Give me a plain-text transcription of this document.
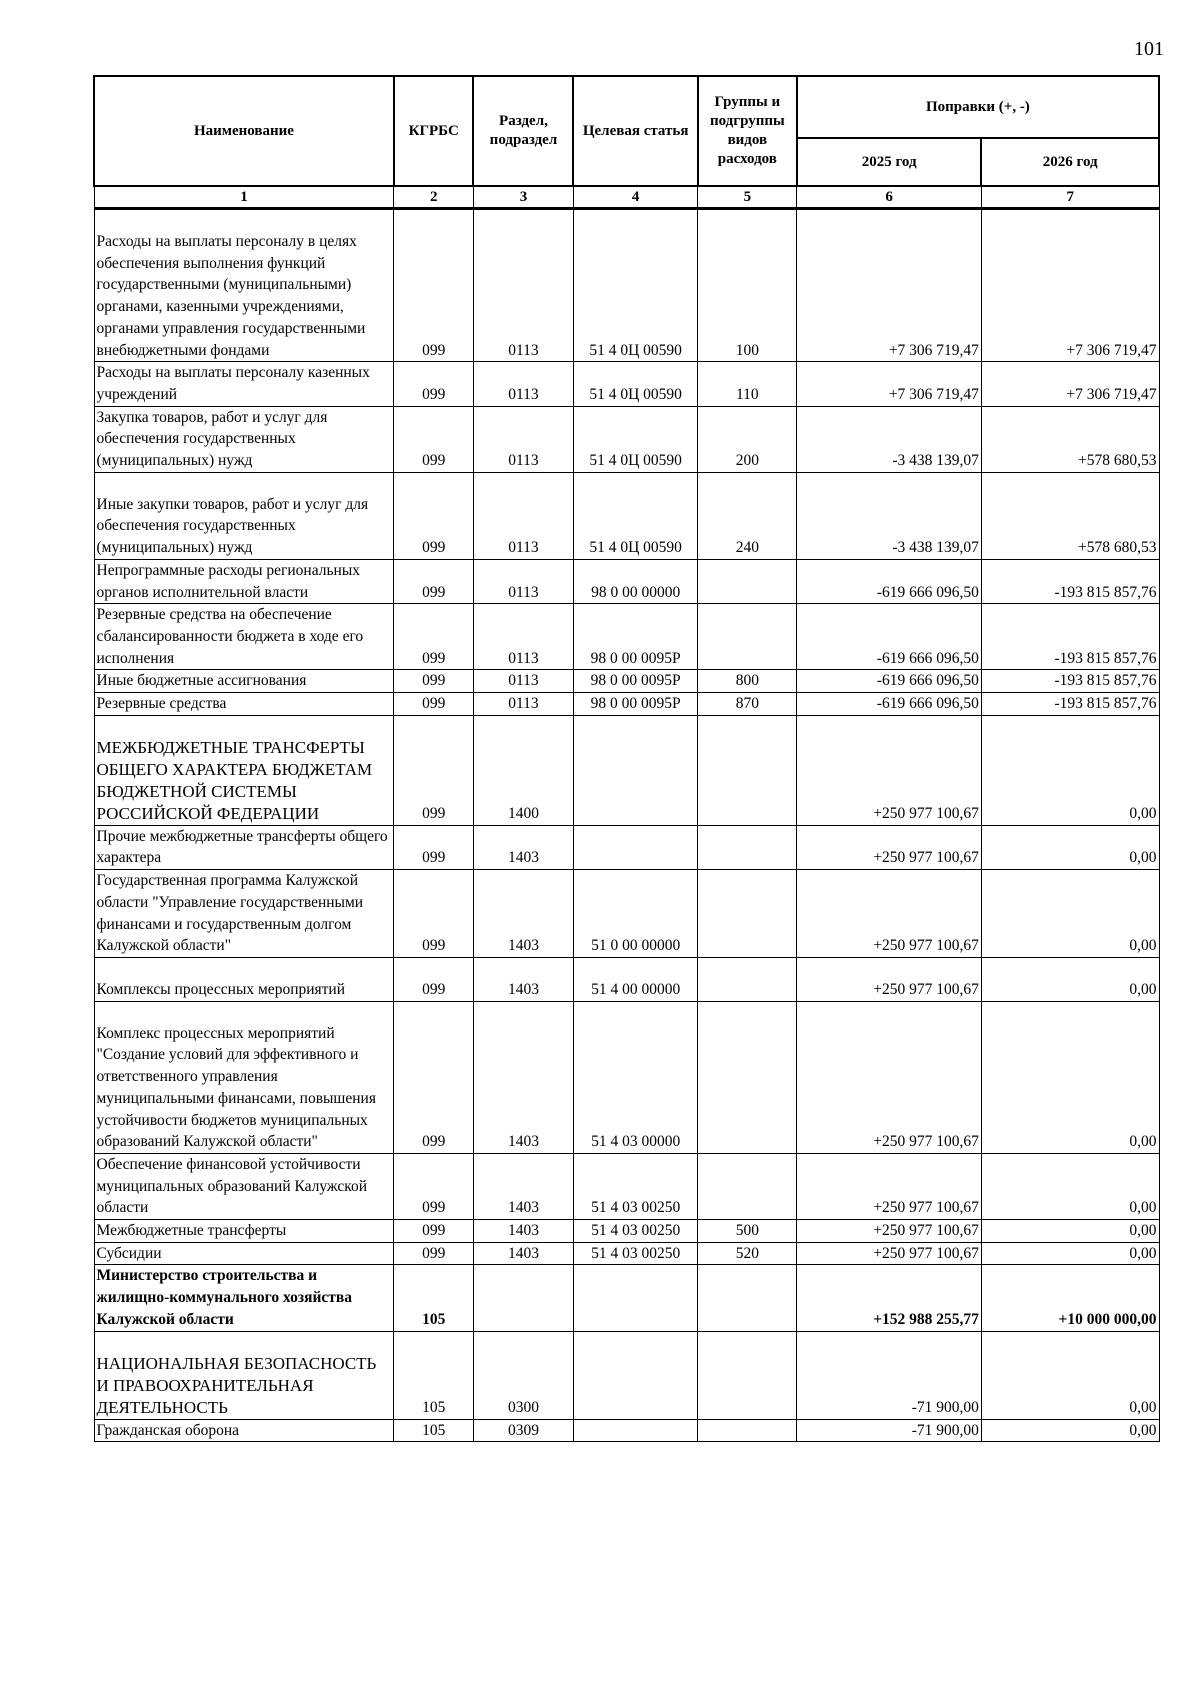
101
Наименование	КГРБС	Раздел, подраздел	Целевая статья	Группы и подгруппы видов расходов	Поправки (+, -)	
					2025 год	2026 год
1	2	3	4	5	6	7

Расходы на выплаты персоналу в целях обеспечения выполнения функций государственными (муниципальными) органами, казенными учреждениями, органами управления государственными внебюджетными фондами	099	0113	51 4 0Ц 00590	100	+7 306 719,47	+7 306 719,47
Расходы на выплаты персоналу казенных учреждений	099	0113	51 4 0Ц 00590	110	+7 306 719,47	+7 306 719,47
Закупка товаров, работ и услуг для обеспечения государственных (муниципальных) нужд	099	0113	51 4 0Ц 00590	200	-3 438 139,07	+578 680,53

Иные закупки товаров, работ и услуг для обеспечения государственных (муниципальных) нужд	099	0113	51 4 0Ц 00590	240	-3 438 139,07	+578 680,53
Непрограммные расходы региональных органов исполнительной власти	099	0113	98 0 00 00000		-619 666 096,50	-193 815 857,76
Резервные средства на обеспечение сбалансированности бюджета в ходе его исполнения	099	0113	98 0 00 0095Р		-619 666 096,50	-193 815 857,76
Иные бюджетные ассигнования	099	0113	98 0 00 0095Р	800	-619 666 096,50	-193 815 857,76
Резервные средства	099	0113	98 0 00 0095Р	870	-619 666 096,50	-193 815 857,76

МЕЖБЮДЖЕТНЫЕ ТРАНСФЕРТЫ ОБЩЕГО ХАРАКТЕРА БЮДЖЕТАМ БЮДЖЕТНОЙ СИСТЕМЫ РОССИЙСКОЙ ФЕДЕРАЦИИ	099	1400			+250 977 100,67	0,00
Прочие межбюджетные трансферты общего характера	099	1403			+250 977 100,67	0,00
Государственная программа Калужской области "Управление государственными финансами и государственным долгом Калужской области"	099	1403	51 0 00 00000		+250 977 100,67	0,00

Комплексы процессных мероприятий	099	1403	51 4 00 00000		+250 977 100,67	0,00

Комплекс процессных мероприятий "Создание условий для эффективного и ответственного управления муниципальными финансами, повышения устойчивости бюджетов муниципальных образований Калужской области"	099	1403	51 4 03 00000		+250 977 100,67	0,00
Обеспечение финансовой устойчивости муниципальных образований Калужской области	099	1403	51 4 03 00250		+250 977 100,67	0,00
Межбюджетные трансферты	099	1403	51 4 03 00250	500	+250 977 100,67	0,00
Субсидии	099	1403	51 4 03 00250	520	+250 977 100,67	0,00
Министерство строительства и жилищно-коммунального хозяйства Калужской области	105				+152 988 255,77	+10 000 000,00

НАЦИОНАЛЬНАЯ БЕЗОПАСНОСТЬ И ПРАВООХРАНИТЕЛЬНАЯ ДЕЯТЕЛЬНОСТЬ	105	0300			-71 900,00	0,00
Гражданская оборона	105	0309			-71 900,00	0,00
